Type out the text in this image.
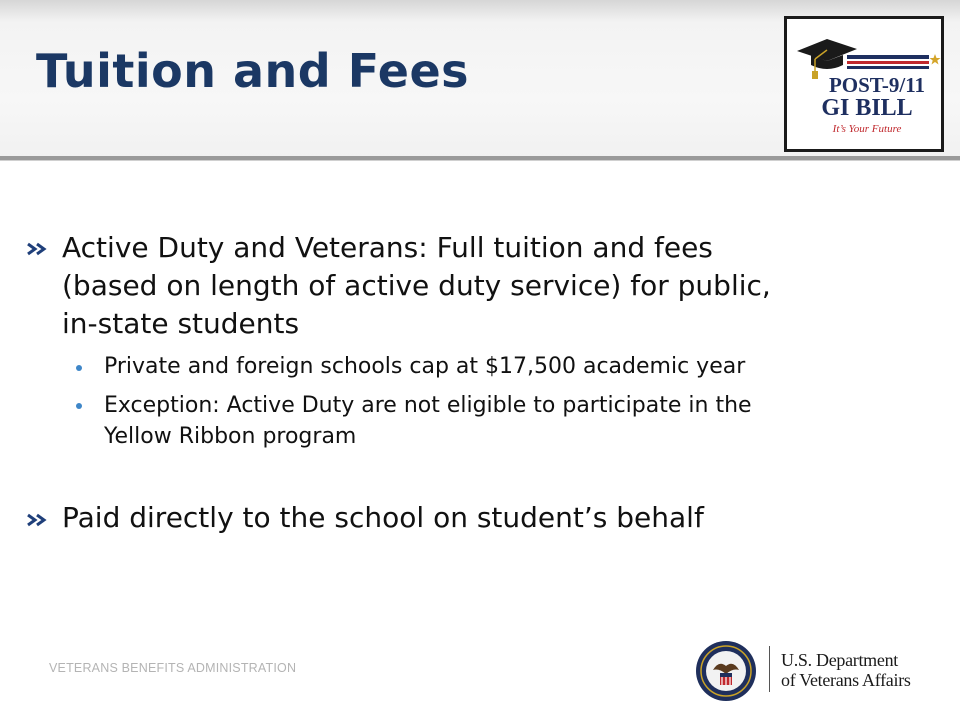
Tuition and Fees	POST-9/11
GI BILL
It’s Your Future
Active Duty and Veterans: Full tuition and fees
(based on length of active duty service) for public,
in-state students
Private and foreign schools cap at $17,500 academic year
Exception: Active Duty are not eligible to participate in the
Yellow Ribbon program
Paid directly to the school on student’s behalf
VETERANS BENEFITS ADMINISTRATION	U.S. Department
of Veterans Affairs
